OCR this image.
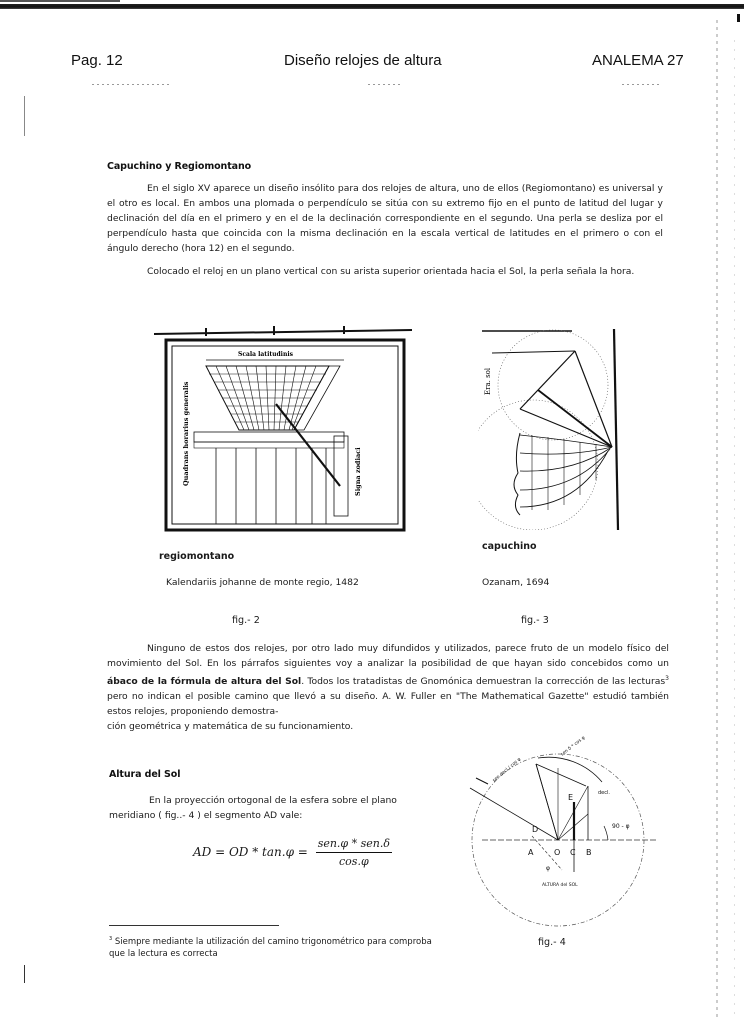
Pag. 12	Diseño relojes de altura	ANALEMA 27
Capuchino y Regiomontano
En el siglo XV aparece un diseño insólito para dos relojes de altura, uno de ellos (Regiomontano) es universal y el otro es local. En ambos una plomada o perpendículo se sitúa con su extremo fijo en el punto de latitud del lugar y declinación del día en el primero y en el de la declinación correspondiente en el segundo. Una perla se desliza por el perpendículo hasta que coincida con la misma declinación en la escala vertical de latitudes en el primero o con el ángulo derecho (hora 12) en el segundo.
Colocado el reloj en un plano vertical con su arista superior orientada hacia el Sol, la perla señala la hora.
Scala latitudinis
Quadrans horarius generalis	Signa zodiaci
regiomontano
Kalendariis johanne de monte regio, 1482
fig.- 2
Era. sol
capuchino
Ozanam, 1694
fig.- 3
Ninguno de estos dos relojes, por otro lado muy difundidos y utilizados, parece fruto de un modelo físico del movimiento del Sol. En los párrafos siguientes voy a analizar la posibilidad de que hayan sido concebidos como un ábaco de la fórmula de altura del Sol. Todos los tratadistas de Gnomónica demuestran la corrección de las lecturas$^3$ pero no indican el posible camino que llevó a su diseño. A. W. Fuller en "The Mathematical Gazette" estudió también estos relojes, proponiendo demostra-
ción geométrica y matemática de su funcionamiento.
Altura del Sol
En la proyección ortogonal de la esfera sobre el plano meridiano ( fig..- 4 ) el segmento AD vale:
AD = OD * $\tan.\varphi = \frac{\text{sen.φ * sen.δ}}{\cos.\varphi}$	A	O C B
D
E
90 - φ
decl.
φ
ALTURA del SOL
sen decl / cos φ
sen δ * cos φ
$^3$ Siempre mediante la utilización del camino trigonométrico para comproba que la lectura es correcta
fig.- 4
